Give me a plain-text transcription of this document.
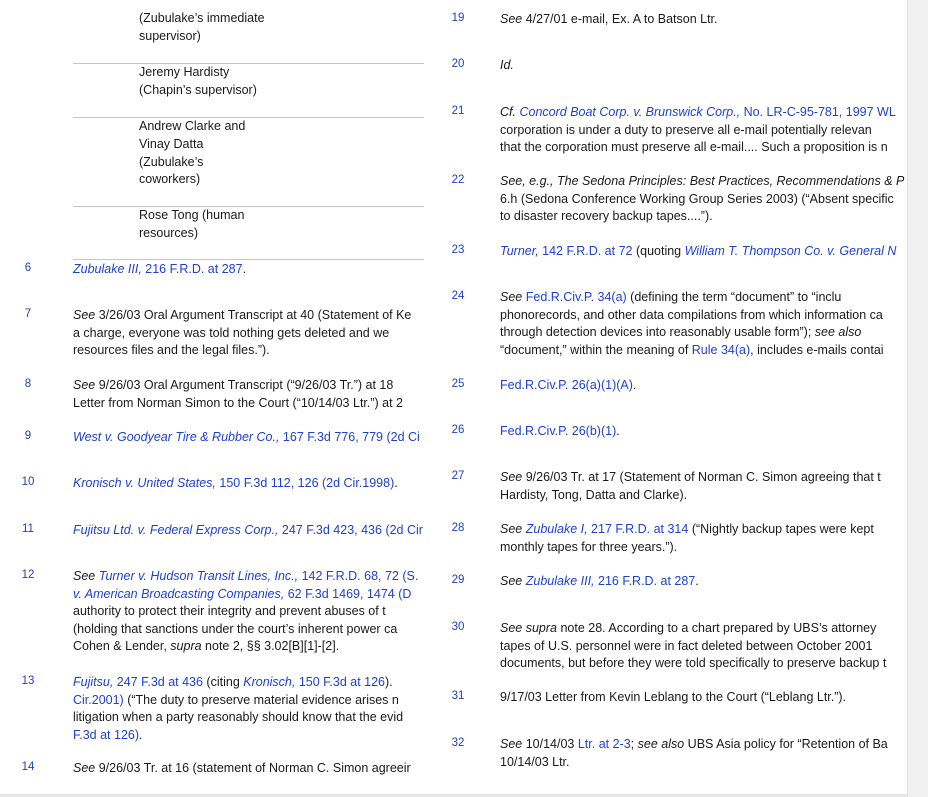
(Zubulake’s immediate
supervisor)
Jeremy Hardisty
(Chapin’s supervisor)
Andrew Clarke and
Vinay Datta
(Zubulake’s
coworkers)
Rose Tong (human
resources)
6	Zubulake III, 216 F.R.D. at 287.
7	See 3/26/03 Oral Argument Transcript at 40 (Statement of Ke
a charge, everyone was told nothing gets deleted and we
resources files and the legal files.”).
8	See 9/26/03 Oral Argument Transcript (“9/26/03 Tr.”) at 18
Letter from Norman Simon to the Court (“10/14/03 Ltr.”) at 2
9	West v. Goodyear Tire & Rubber Co., 167 F.3d 776, 779 (2d Ci
10	Kronisch v. United States, 150 F.3d 112, 126 (2d Cir.1998).
11	Fujitsu Ltd. v. Federal Express Corp., 247 F.3d 423, 436 (2d Cir
12	See Turner v. Hudson Transit Lines, Inc., 142 F.R.D. 68, 72 (S.
v. American Broadcasting Companies, 62 F.3d 1469, 1474 (D
authority to protect their integrity and prevent abuses of t
(holding that sanctions under the court’s inherent power ca
Cohen & Lender, supra note 2, §§ 3.02[B][1]-[2].
13	Fujitsu, 247 F.3d at 436 (citing Kronisch, 150 F.3d at 126).
Cir.2001) (“The duty to preserve material evidence arises n
litigation when a party reasonably should know that the evid
F.3d at 126).
14	See 9/26/03 Tr. at 16 (statement of Norman C. Simon agreeir
19	See 4/27/01 e-mail, Ex. A to Batson Ltr.
20	Id.
21	Cf. Concord Boat Corp. v. Brunswick Corp., No. LR-C-95-781, 1997 WL
corporation is under a duty to preserve all e-mail potentially relevan
that the corporation must preserve all e-mail.... Such a proposition is n
22	See, e.g., The Sedona Principles: Best Practices, Recommendations & P
6.h (Sedona Conference Working Group Series 2003) (“Absent specific
to disaster recovery backup tapes....”).
23	Turner, 142 F.R.D. at 72 (quoting William T. Thompson Co. v. General N
24	See Fed.R.Civ.P. 34(a) (defining the term “document” to “inclu
phonorecords, and other data compilations from which information ca
through detection devices into reasonably usable form”); see also
“document,” within the meaning of Rule 34(a), includes e-mails contai
25	Fed.R.Civ.P. 26(a)(1)(A).
26	Fed.R.Civ.P. 26(b)(1).
27	See 9/26/03 Tr. at 17 (Statement of Norman C. Simon agreeing that t
Hardisty, Tong, Datta and Clarke).
28	See Zubulake I, 217 F.R.D. at 314 (“Nightly backup tapes were kept
monthly tapes for three years.”).
29	See Zubulake III, 216 F.R.D. at 287.
30	See supra note 28. According to a chart prepared by UBS’s attorney
tapes of U.S. personnel were in fact deleted between October 2001
documents, but before they were told specifically to preserve backup t
31	9/17/03 Letter from Kevin Leblang to the Court (“Leblang Ltr.”).
32	See 10/14/03 Ltr. at 2-3; see also UBS Asia policy for “Retention of Ba
10/14/03 Ltr.
